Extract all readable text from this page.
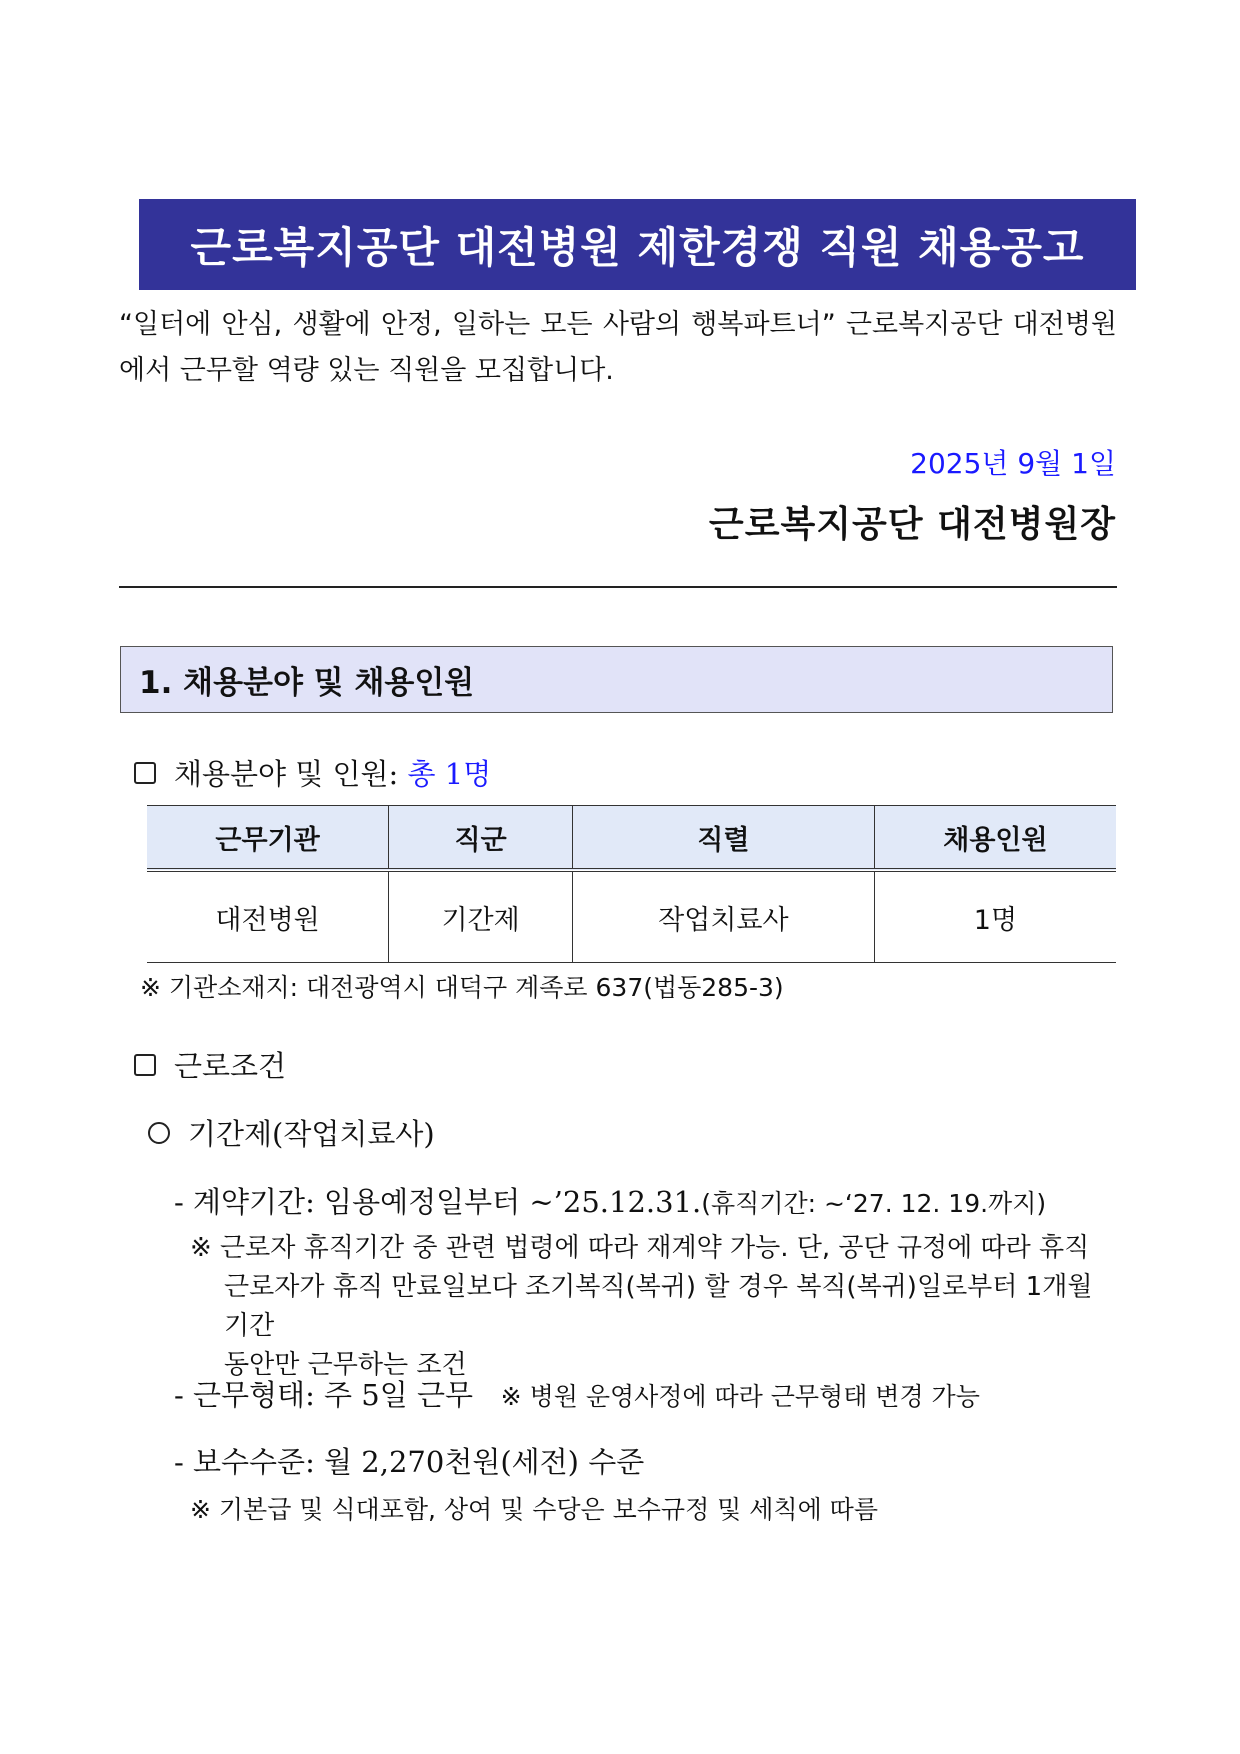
근로복지공단 대전병원 제한경쟁 직원 채용공고
“일터에 안심, 생활에 안정, 일하는 모든 사람의 행복파트너” 근로복지공단 대전병원에서 근무할 역량 있는 직원을 모집합니다.
2025년 9월 1일
근로복지공단 대전병원장
1. 채용분야 및 채용인원
채용분야 및 인원:
총 1명
근무기관	직군	직렬	채용인원
대전병원	기간제	작업치료사	1명
※ 기관소재지: 대전광역시 대덕구 계족로 637(법동285-3)
근로조건
기간제(작업치료사)
- 계약기간: 임용예정일부터 ~’25.12.31.(휴직기간: ~‘27. 12. 19.까지)
※ 근로자 휴직기간 중 관련 법령에 따라 재계약 가능. 단, 공단 규정에 따라 휴직
근로자가 휴직 만료일보다 조기복직(복귀) 할 경우 복직(복귀)일로부터 1개월 기간
동안만 근무하는 조건
- 근무형태: 주 5일 근무 ※ 병원 운영사정에 따라 근무형태 변경 가능
- 보수수준: 월 2,270천원(세전) 수준
※ 기본급 및 식대포함, 상여 및 수당은 보수규정 및 세칙에 따름
